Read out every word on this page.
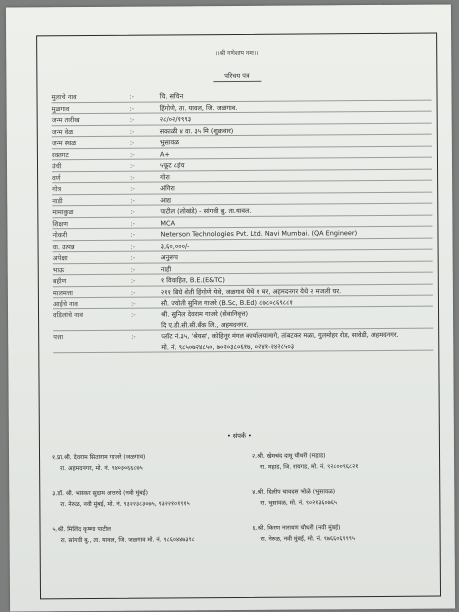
।।श्री गणेशाय नमः।।
परिचय पत्र
मुलाचे नाव	:-	चि. सचिन
मुळगाव	:-	हिंगोणे, ता. यावल, जि. जळगाव.
जन्म तारीख	:-	२८/०२/१९९३
जन्म वेळ	:-	सकाळी ४ वा. ३५ मि (शुक्रवार)
जन्म स्थळ	:-	भुसावळ
रक्तगट	:-	A+
उंची	:-	५फूट ८इंच
वर्ण	:-	गोरा
गोत्र	:-	अंगिरा
नाडी	:-	आद्य
मामाकुळ	:-	पाटील (लोखंडे) - सांगवी बु. ता.यावल.
शिक्षण	:-	MCA
नोकरी	:-	Neterson Technologies Pvt. Ltd. Navi Mumbai. (QA Engineer)
वा. उत्पन्न	:-	३,६०,०००/-
अपेक्षा	:-	अनुरूप
भाऊ	:-	नाही
बहीण	:-	१ विवाहित, B.E.(E&TC)
मालमत्ता	:-	२११ बिघे शेती हिंगोणे येथे, जळगाव येथे १ घर, अहमदनगर येथे २ मजली घर.
आईचे नाव	:-	सौ. ज्योती सुनिल गाजरे (B.Sc, B.Ed) ८७८०८६९८८१
वडिलांचे नाव	:-	श्री. सुनिल देवराम गाजरे (सेवानिवृत्त)
दि ए.डी.सी.सी.बँक लि., अहमदनगर.
पत्ता	:-	प्लॉट नं.३५, 'श्रेयस', कोहिनूर मंगल कार्यालयामागे, तांबटकर मळा, गुलमोहर रोड, सावेडी, अहमदनगर.
मो. नं. ९८५०७२४८५०, ७०२०३८०६१७, ०२४१-२४२८५०३
• संपर्क •
१.प्रा.श्री. देवराम सिताराम गाजरे (जळगाव)
रा. अहमदनगर, मो. नं. ९४०३०६६८७५
२.श्री. खेमचंद दामू चौधरी (महाड)
रा. महाड, जि. रायगड, मो. नं. ९२८००९६८२१
३.डॉ. श्री. भास्कर सुदाम अत्तरदे (नवी मुंबई)
रा. नेरुळ, नवी मुंबई, मो. नं. ९३२२३८३०७५, ९३२२१०१९१५
४.श्री. दिलीप चावदस भोळे (भुसावळ)
रा. भुसावळ, मो. नं. ९०२१३६०७६५
५.श्री. मिलिंद कृष्णा पाटील
रा. सांगवी बु., ता. यावल, जि. जळगाव मो. नं. ९८६०४४७३९८
६.श्री. किरण नारायण चौधरी (नवी मुंबई)
रा. नेरुळ, नवी मुंबई, मो. नं. ९७६६०६९९९५
